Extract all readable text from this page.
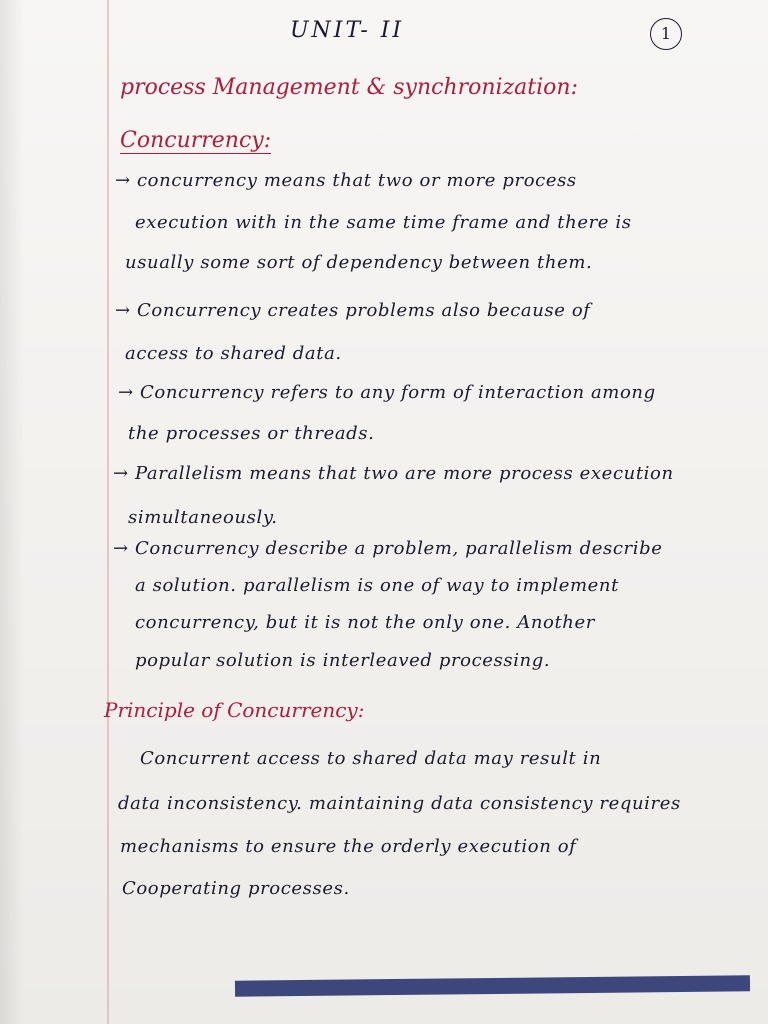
UNIT- II	1
process Management & synchronization:
Concurrency:
→ concurrency means that two or more process
execution with in the same time frame and there is
usually some sort of dependency between them.
→ Concurrency creates problems also because of
access to shared data.
→ Concurrency refers to any form of interaction among
the processes or threads.
→ Parallelism means that two are more process execution
simultaneously.
→ Concurrency describe a problem, parallelism describe
a solution. parallelism is one of way to implement
concurrency, but it is not the only one. Another
popular solution is interleaved processing.
Principle of Concurrency:
Concurrent access to shared data may result in
data inconsistency. maintaining data consistency requires
mechanisms to ensure the orderly execution of
Cooperating processes.
